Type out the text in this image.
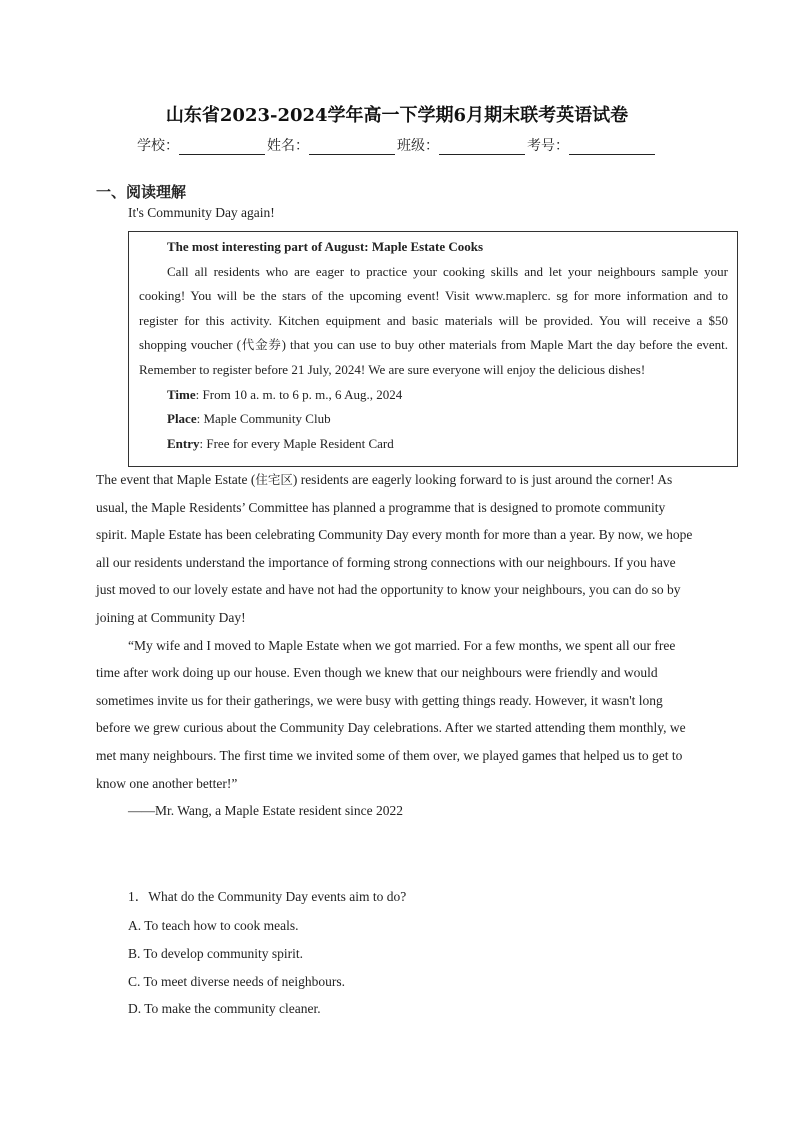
山东省2023-2024学年高一下学期6月期末联考英语试卷
学校：	姓名：	班级：	考号：
一、阅读理解
It's Community Day again!

The most interesting part of August: Maple Estate Cooks

Call all residents who are eager to practice your cooking skills and let your neighbours sample your cooking! You will be the stars of the upcoming event! Visit www.maplerc. sg for more information and to register for this activity. Kitchen equipment and basic materials will be provided. You will receive a $50 shopping voucher (代金券) that you can use to buy other materials from Maple Mart the day before the event. Remember to register before 21 July, 2024! We are sure everyone will enjoy the delicious dishes!

Time: From 10 a. m. to 6 p. m., 6 Aug., 2024

Place: Maple Community Club

Entry: Free for every Maple Resident Card

The event that Maple Estate (住宅区) residents are eagerly looking forward to is just around the corner! As usual, the Maple Residents’ Committee has planned a programme that is designed to promote community spirit. Maple Estate has been celebrating Community Day every month for more than a year. By now, we hope all our residents understand the importance of forming strong connections with our neighbours. If you have just moved to our lovely estate and have not had the opportunity to know your neighbours, you can do so by joining at Community Day!

“My wife and I moved to Maple Estate when we got married. For a few months, we spent all our free time after work doing up our house. Even though we knew that our neighbours were friendly and would sometimes invite us for their gatherings, we were busy with getting things ready. However, it wasn't long before we grew curious about the Community Day celebrations. After we started attending them monthly, we met many neighbours. The first time we invited some of them over, we played games that helped us to get to know one another better!”

——Mr. Wang, a Maple Estate resident since 2022

1．What do the Community Day events aim to do?
A. To teach how to cook meals.
B. To develop community spirit.
C. To meet diverse needs of neighbours.
D. To make the community cleaner.
